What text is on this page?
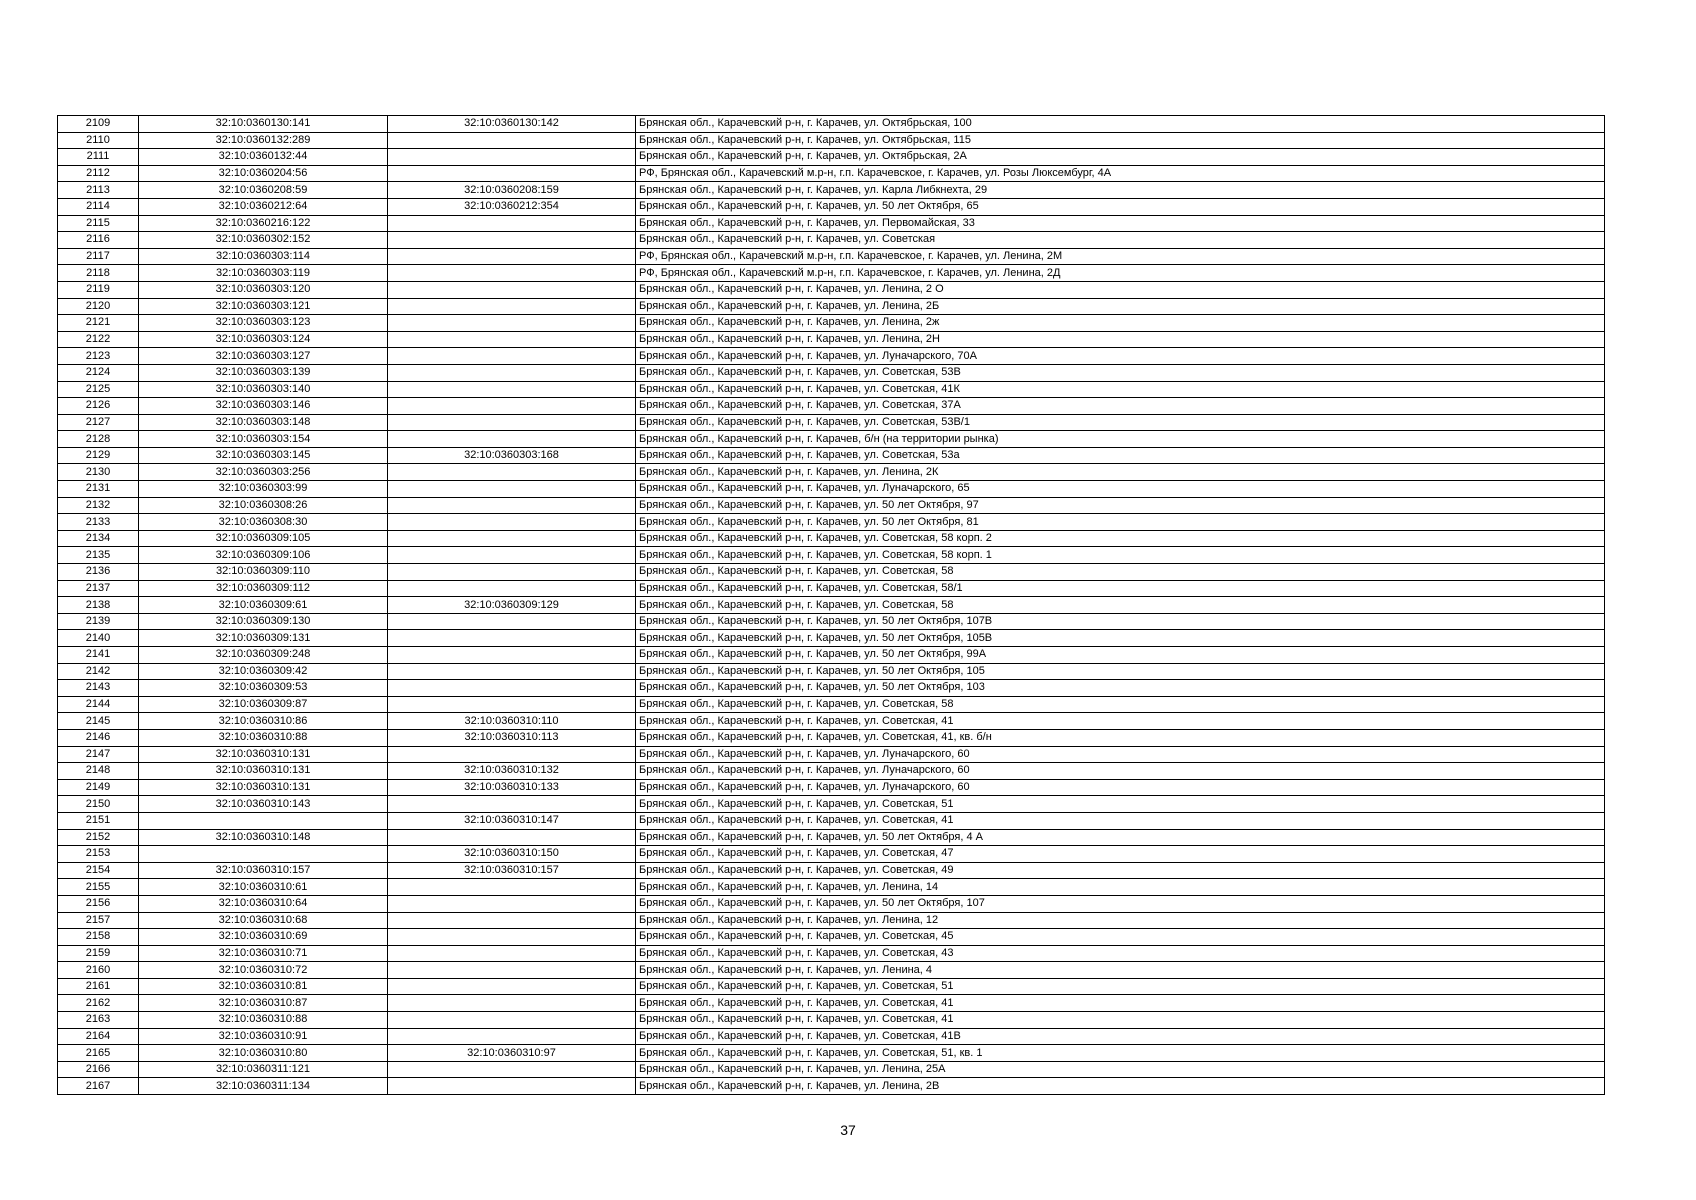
2109	32:10:0360130:141	32:10:0360130:142	Брянская обл., Карачевский р-н, г. Карачев, ул. Октябрьская, 100
2110	32:10:0360132:289		Брянская обл., Карачевский р-н, г. Карачев, ул. Октябрьская, 115
2111	32:10:0360132:44		Брянская обл., Карачевский р-н, г. Карачев, ул. Октябрьская, 2А
2112	32:10:0360204:56		РФ, Брянская обл., Карачевский м.р-н, г.п. Карачевское, г. Карачев, ул. Розы Люксембург, 4А
2113	32:10:0360208:59	32:10:0360208:159	Брянская обл., Карачевский р-н, г. Карачев, ул. Карла Либкнехта, 29
2114	32:10:0360212:64	32:10:0360212:354	Брянская обл., Карачевский р-н, г. Карачев, ул. 50 лет Октября, 65
2115	32:10:0360216:122		Брянская обл., Карачевский р-н, г. Карачев, ул. Первомайская, 33
2116	32:10:0360302:152		Брянская обл., Карачевский р-н, г. Карачев, ул. Советская
2117	32:10:0360303:114		РФ, Брянская обл., Карачевский м.р-н, г.п. Карачевское, г. Карачев, ул. Ленина, 2М
2118	32:10:0360303:119		РФ, Брянская обл., Карачевский м.р-н, г.п. Карачевское, г. Карачев, ул. Ленина, 2Д
2119	32:10:0360303:120		Брянская обл., Карачевский р-н, г. Карачев, ул. Ленина, 2 О
2120	32:10:0360303:121		Брянская обл., Карачевский р-н, г. Карачев, ул. Ленина, 2Б
2121	32:10:0360303:123		Брянская обл., Карачевский р-н, г. Карачев, ул. Ленина, 2ж
2122	32:10:0360303:124		Брянская обл., Карачевский р-н, г. Карачев, ул. Ленина, 2Н
2123	32:10:0360303:127		Брянская обл., Карачевский р-н, г. Карачев, ул. Луначарского, 70А
2124	32:10:0360303:139		Брянская обл., Карачевский р-н, г. Карачев, ул. Советская, 53В
2125	32:10:0360303:140		Брянская обл., Карачевский р-н, г. Карачев, ул. Советская, 41К
2126	32:10:0360303:146		Брянская обл., Карачевский р-н, г. Карачев, ул. Советская, 37А
2127	32:10:0360303:148		Брянская обл., Карачевский р-н, г. Карачев, ул. Советская, 53В/1
2128	32:10:0360303:154		Брянская обл., Карачевский р-н, г. Карачев, б/н (на территории рынка)
2129	32:10:0360303:145	32:10:0360303:168	Брянская обл., Карачевский р-н, г. Карачев, ул. Советская, 53а
2130	32:10:0360303:256		Брянская обл., Карачевский р-н, г. Карачев, ул. Ленина, 2К
2131	32:10:0360303:99		Брянская обл., Карачевский р-н, г. Карачев, ул. Луначарского, 65
2132	32:10:0360308:26		Брянская обл., Карачевский р-н, г. Карачев, ул. 50 лет Октября, 97
2133	32:10:0360308:30		Брянская обл., Карачевский р-н, г. Карачев, ул. 50 лет Октября, 81
2134	32:10:0360309:105		Брянская обл., Карачевский р-н, г. Карачев, ул. Советская, 58 корп. 2
2135	32:10:0360309:106		Брянская обл., Карачевский р-н, г. Карачев, ул. Советская, 58 корп. 1
2136	32:10:0360309:110		Брянская обл., Карачевский р-н, г. Карачев, ул. Советская, 58
2137	32:10:0360309:112		Брянская обл., Карачевский р-н, г. Карачев, ул. Советская, 58/1
2138	32:10:0360309:61	32:10:0360309:129	Брянская обл., Карачевский р-н, г. Карачев, ул. Советская, 58
2139	32:10:0360309:130		Брянская обл., Карачевский р-н, г. Карачев, ул. 50 лет Октября, 107В
2140	32:10:0360309:131		Брянская обл., Карачевский р-н, г. Карачев, ул. 50 лет Октября, 105В
2141	32:10:0360309:248		Брянская обл., Карачевский р-н, г. Карачев, ул. 50 лет Октября, 99А
2142	32:10:0360309:42		Брянская обл., Карачевский р-н, г. Карачев, ул. 50 лет Октября, 105
2143	32:10:0360309:53		Брянская обл., Карачевский р-н, г. Карачев, ул. 50 лет Октября, 103
2144	32:10:0360309:87		Брянская обл., Карачевский р-н, г. Карачев, ул. Советская, 58
2145	32:10:0360310:86	32:10:0360310:110	Брянская обл., Карачевский р-н, г. Карачев, ул. Советская, 41
2146	32:10:0360310:88	32:10:0360310:113	Брянская обл., Карачевский р-н, г. Карачев, ул. Советская, 41, кв. б/н
2147	32:10:0360310:131		Брянская обл., Карачевский р-н, г. Карачев, ул. Луначарского, 60
2148	32:10:0360310:131	32:10:0360310:132	Брянская обл., Карачевский р-н, г. Карачев, ул. Луначарского, 60
2149	32:10:0360310:131	32:10:0360310:133	Брянская обл., Карачевский р-н, г. Карачев, ул. Луначарского, 60
2150	32:10:0360310:143		Брянская обл., Карачевский р-н, г. Карачев, ул. Советская, 51
2151		32:10:0360310:147	Брянская обл., Карачевский р-н, г. Карачев, ул. Советская, 41
2152	32:10:0360310:148		Брянская обл., Карачевский р-н, г. Карачев, ул. 50 лет Октября, 4 А
2153		32:10:0360310:150	Брянская обл., Карачевский р-н, г. Карачев, ул. Советская, 47
2154	32:10:0360310:157	32:10:0360310:157	Брянская обл., Карачевский р-н, г. Карачев, ул. Советская, 49
2155	32:10:0360310:61		Брянская обл., Карачевский р-н, г. Карачев, ул. Ленина, 14
2156	32:10:0360310:64		Брянская обл., Карачевский р-н, г. Карачев, ул. 50 лет Октября, 107
2157	32:10:0360310:68		Брянская обл., Карачевский р-н, г. Карачев, ул. Ленина, 12
2158	32:10:0360310:69		Брянская обл., Карачевский р-н, г. Карачев, ул. Советская, 45
2159	32:10:0360310:71		Брянская обл., Карачевский р-н, г. Карачев, ул. Советская, 43
2160	32:10:0360310:72		Брянская обл., Карачевский р-н, г. Карачев, ул. Ленина, 4
2161	32:10:0360310:81		Брянская обл., Карачевский р-н, г. Карачев, ул. Советская, 51
2162	32:10:0360310:87		Брянская обл., Карачевский р-н, г. Карачев, ул. Советская, 41
2163	32:10:0360310:88		Брянская обл., Карачевский р-н, г. Карачев, ул. Советская, 41
2164	32:10:0360310:91		Брянская обл., Карачевский р-н, г. Карачев, ул. Советская, 41В
2165	32:10:0360310:80	32:10:0360310:97	Брянская обл., Карачевский р-н, г. Карачев, ул. Советская, 51, кв. 1
2166	32:10:0360311:121		Брянская обл., Карачевский р-н, г. Карачев, ул. Ленина, 25А
2167	32:10:0360311:134		Брянская обл., Карачевский р-н, г. Карачев, ул. Ленина, 2В
37
